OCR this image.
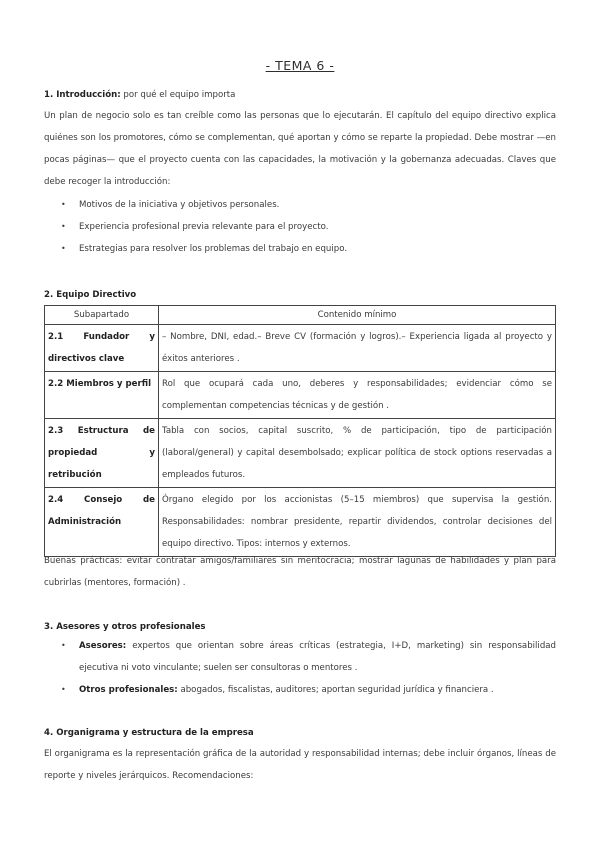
- TEMA 6 -
1. Introducción: por qué el equipo importa
Un plan de negocio solo es tan creíble como las personas que lo ejecutarán. El capítulo del equipo directivo explica quiénes son los promotores, cómo se complementan, qué aportan y cómo se reparte la propiedad. Debe mostrar —en pocas páginas— que el proyecto cuenta con las capacidades, la motivación y la gobernanza adecuadas. Claves que debe recoger la introducción:
• Motivos de la iniciativa y objetivos personales.
• Experiencia profesional previa relevante para el proyecto.
• Estrategias para resolver los problemas del trabajo en equipo.
2. Equipo Directivo
Subapartado	Contenido mínimo
2.1 Fundador y directivos clave	– Nombre, DNI, edad.– Breve CV (formación y logros).– Experiencia ligada al proyecto y éxitos anteriores .
2.2 Miembros y perfil	Rol que ocupará cada uno, deberes y responsabilidades; evidenciar cómo se complementan competencias técnicas y de gestión .
2.3 Estructura de propiedad y retribución	Tabla con socios, capital suscrito, % de participación, tipo de participación (laboral/general) y capital desembolsado; explicar política de stock options reservadas a empleados futuros.
2.4 Consejo de Administración	Órgano elegido por los accionistas (5–15 miembros) que supervisa la gestión. Responsabilidades: nombrar presidente, repartir dividendos, controlar decisiones del equipo directivo. Tipos: internos y externos.
Buenas prácticas: evitar contratar amigos/familiares sin meritocracia; mostrar lagunas de habilidades y plan para cubrirlas (mentores, formación) .
3. Asesores y otros profesionales
• Asesores: expertos que orientan sobre áreas críticas (estrategia, I+D, marketing) sin responsabilidad ejecutiva ni voto vinculante; suelen ser consultoras o mentores .
• Otros profesionales: abogados, fiscalistas, auditores; aportan seguridad jurídica y financiera .
4. Organigrama y estructura de la empresa
El organigrama es la representación gráfica de la autoridad y responsabilidad internas; debe incluir órganos, líneas de reporte y niveles jerárquicos. Recomendaciones:
